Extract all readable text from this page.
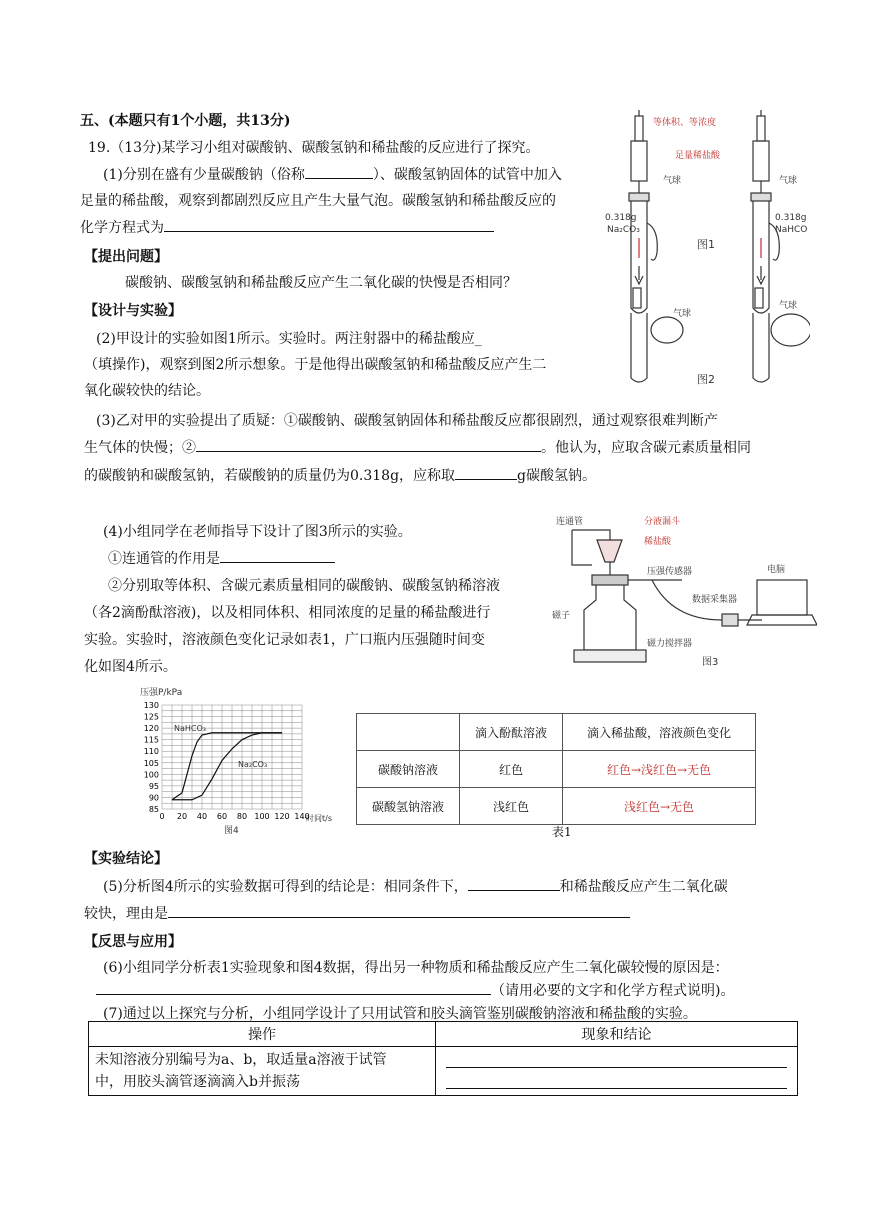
五、(本题只有1个小题，共13分)
19.（13分)某学习小组对碳酸钠、碳酸氢钠和稀盐酸的反应进行了探究。
(1)分别在盛有少量碳酸钠（俗称	）、碳酸氢钠固体的试管中加入
足量的稀盐酸，观察到都剧烈反应且产生大量气泡。碳酸氢钠和稀盐酸反应的
化学方程式为
【提出问题】
碳酸钠、碳酸氢钠和稀盐酸反应产生二氧化碳的快慢是否相同？
【设计与实验】
(2)甲设计的实验如图1所示。实验时。两注射器中的稀盐酸应_
（填操作)，观察到图2所示想象。于是他得出碳酸氢钠和稀盐酸反应产生二
氧化碳较快的结论。
(3)乙对甲的实验提出了质疑：①碳酸钠、碳酸氢钠固体和稀盐酸反应都很剧烈，通过观察很难判断产
生气体的快慢；②	。他认为，应取含碳元素质量相同
的碳酸钠和碳酸氢钠，若碳酸钠的质量仍为0.318g，应称取	g碳酸氢钠。
等体积、等浓度
足量稀盐酸
气球	气球
0.318g
Na₂CO₃
0.318g
NaHCO
图1
气球
气球
图2
(4)小组同学在老师指导下设计了图3所示的实验。
①连通管的作用是
②分别取等体积、含碳元素质量相同的碳酸钠、碳酸氢钠稀溶液
（各2滴酚酞溶液)，以及相同体积、相同浓度的足量的稀盐酸进行
实验。实验时，溶液颜色变化记录如表1，广口瓶内压强随时间变
化如图4所示。
连通管	分液漏斗
稀盐酸
压强传感器
数据采集器
电脑
磁子
磁力搅拌器
图3
压强P/kPa
时间t/s
图4
0 20 40 60 80 100 120 140
85
90
95
100
105
110
115
120
125
130
NaHCO₃
Na₂CO₃
	滴入酚酞溶液	滴入稀盐酸，溶液颜色变化
碳酸钠溶液	红色	红色→浅红色→无色
碳酸氢钠溶液	浅红色	浅红色→无色
表1
【实验结论】
(5)分析图4所示的实验数据可得到的结论是：相同条件下，	和稀盐酸反应产生二氧化碳
较快，理由是
【反思与应用】
(6)小组同学分析表1实验现象和图4数据，得出另一种物质和稀盐酸反应产生二氧化碳较慢的原因是：
（请用必要的文字和化学方程式说明)。
(7)通过以上探究与分析，小组同学设计了只用试管和胶头滴管鉴别碳酸钠溶液和稀盐酸的实验。
操作	现象和结论

未知溶液分别编号为a、b，取适量a溶液于试管
中，用胶头滴管逐滴滴入b并振荡	
